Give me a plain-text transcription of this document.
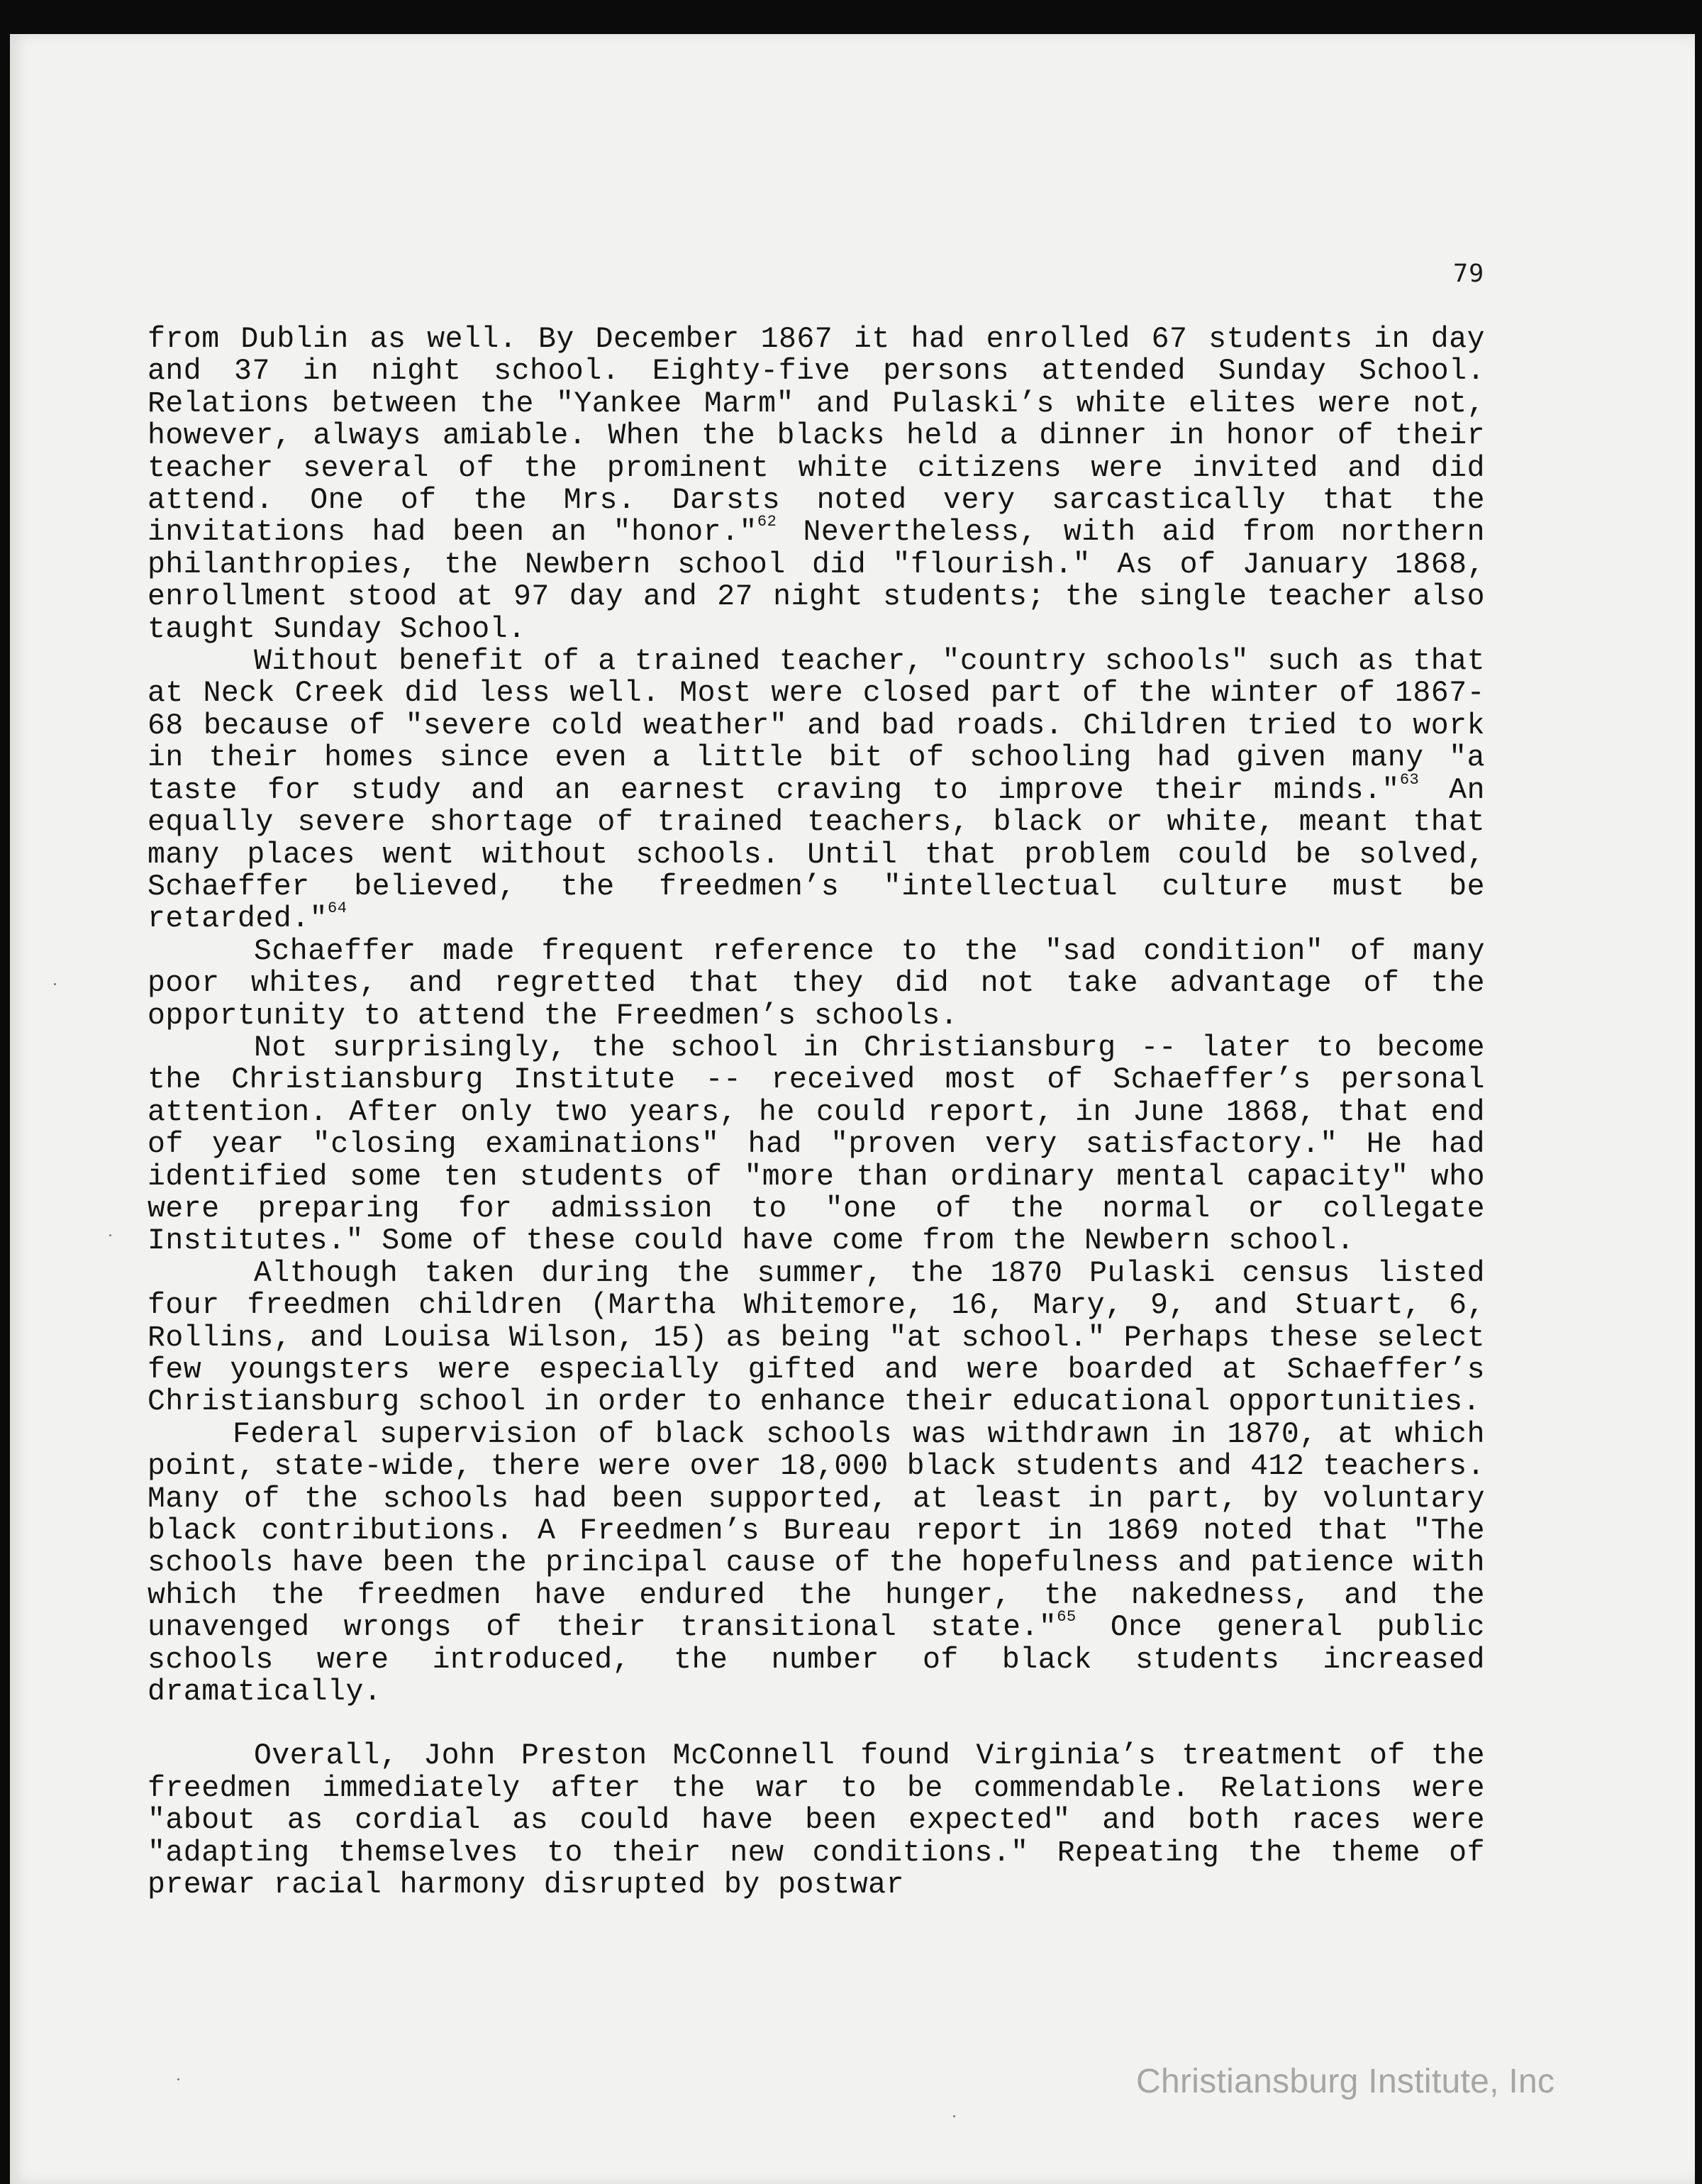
79

from Dublin as well. By December 1867 it had enrolled 67 students in day and 37 in night school. Eighty-five persons attended Sunday School. Relations between the "Yankee Marm" and Pulaski’s white elites were not, however, always amiable. When the blacks held a dinner in honor of their teacher several of the prominent white citizens were invited and did attend. One of the Mrs. Darsts noted very sarcastically that the invitations had been an "honor."$^{62}$ Nevertheless, with aid from northern philanthropies, the Newbern school did "flourish." As of January 1868, enrollment stood at 97 day and 27 night students; the single teacher also taught Sunday School.

Without benefit of a trained teacher, "country schools" such as that at Neck Creek did less well. Most were closed part of the winter of 1867-68 because of "severe cold weather" and bad roads. Children tried to work in their homes since even a little bit of schooling had given many "a taste for study and an earnest craving to improve their minds."$^{63}$ An equally severe shortage of trained teachers, black or white, meant that many places went without schools. Until that problem could be solved, Schaeffer believed, the freedmen’s "intellectual culture must be retarded."$^{64}$

Schaeffer made frequent reference to the "sad condition" of many poor whites, and regretted that they did not take advantage of the opportunity to attend the Freedmen’s schools.

Not surprisingly, the school in Christiansburg -- later to become the Christiansburg Institute -- received most of Schaeffer’s personal attention. After only two years, he could report, in June 1868, that end of year "closing examinations" had "proven very satisfactory." He had identified some ten students of "more than ordinary mental capacity" who were preparing for admission to "one of the normal or collegate Institutes." Some of these could have come from the Newbern school.

Although taken during the summer, the 1870 Pulaski census listed four freedmen children (Martha Whitemore, 16, Mary, 9, and Stuart, 6, Rollins, and Louisa Wilson, 15) as being "at school." Perhaps these select few youngsters were especially gifted and were boarded at Schaeffer’s Christiansburg school in order to enhance their educational opportunities.

Federal supervision of black schools was withdrawn in 1870, at which point, state-wide, there were over 18,000 black students and 412 teachers. Many of the schools had been supported, at least in part, by voluntary black contributions. A Freedmen’s Bureau report in 1869 noted that "The schools have been the principal cause of the hopefulness and patience with which the freedmen have endured the hunger, the nakedness, and the unavenged wrongs of their transitional state."$^{65}$ Once general public schools were introduced, the number of black students increased dramatically.

Overall, John Preston McConnell found Virginia’s treatment of the freedmen immediately after the war to be commendable. Relations were "about as cordial as could have been expected" and both races were "adapting themselves to their new conditions." Repeating the theme of prewar racial harmony disrupted by postwar

Christiansburg Institute, Inc
